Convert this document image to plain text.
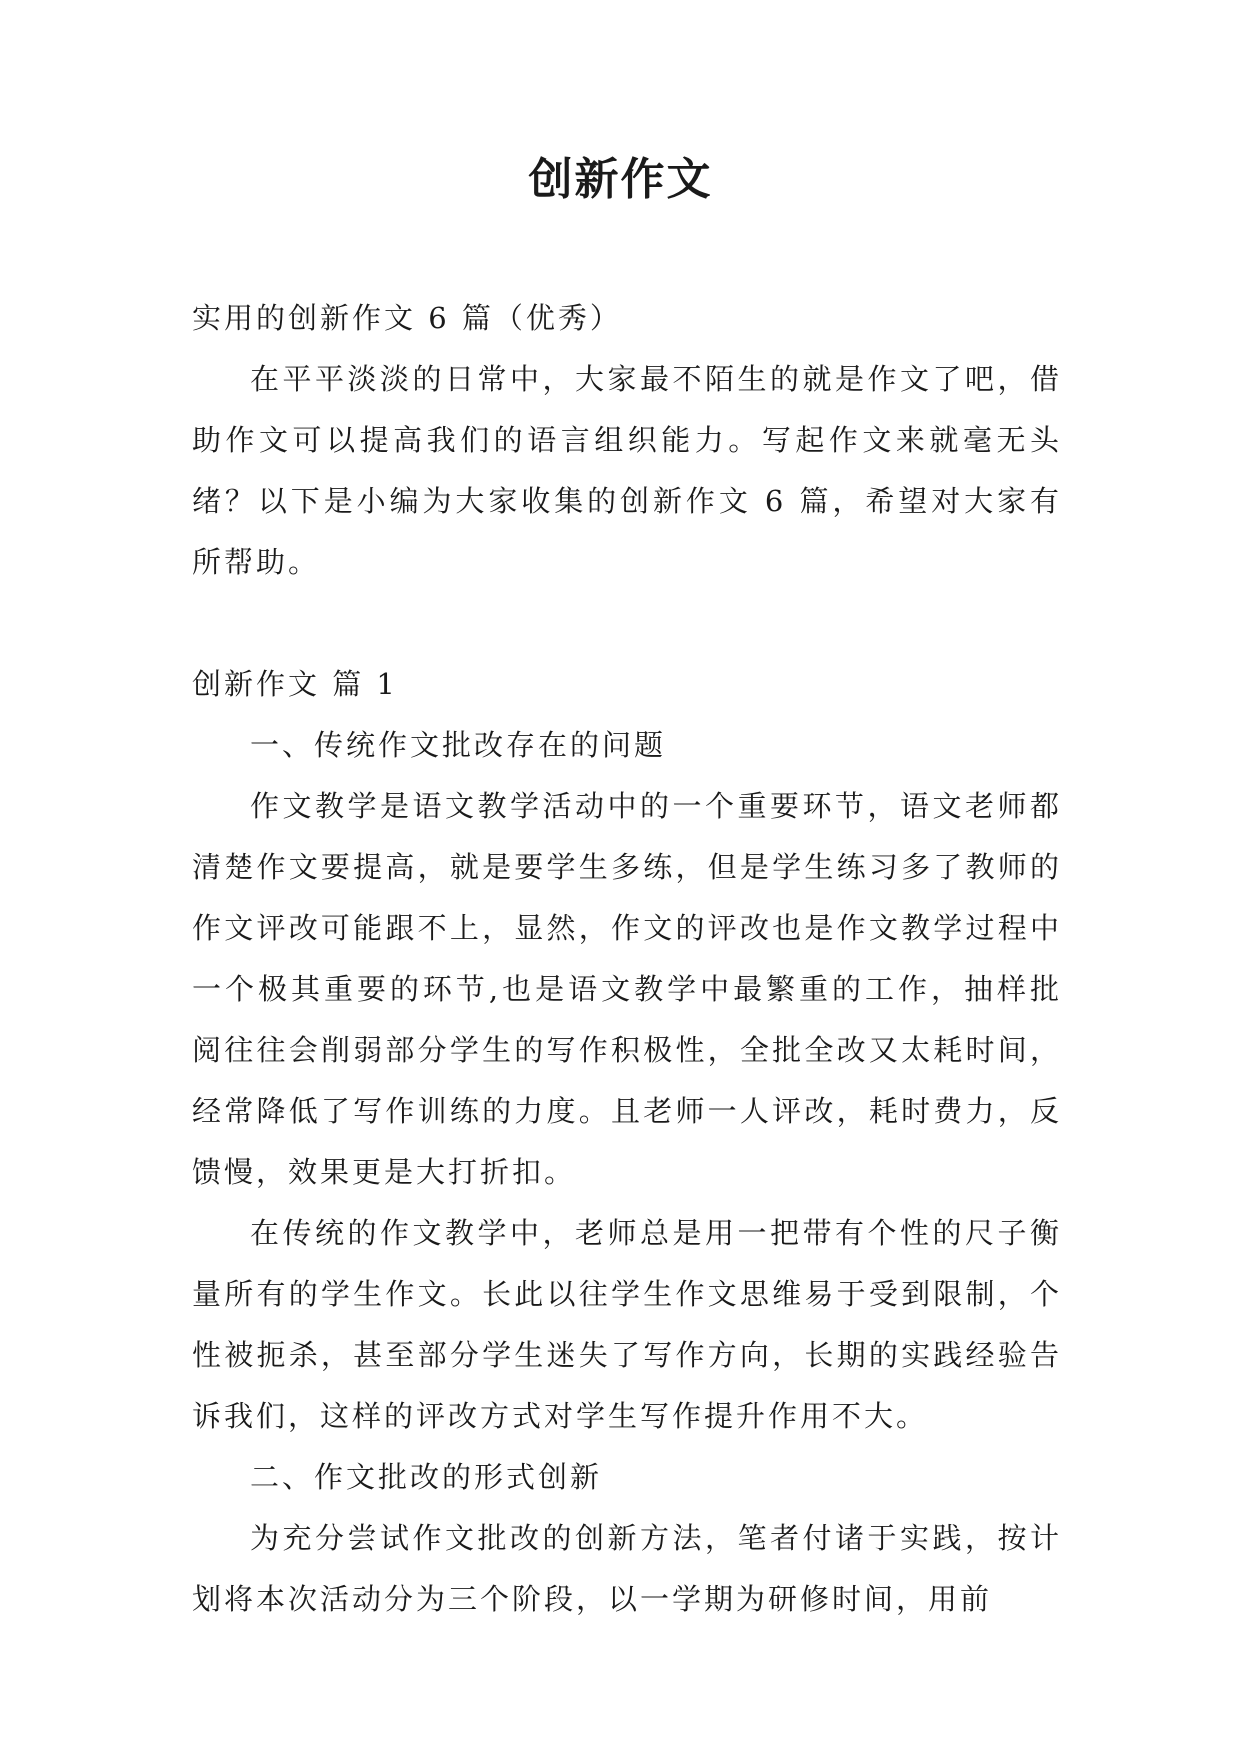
创新作文

实用的创新作文 6 篇（优秀）

在平平淡淡的日常中，大家最不陌生的就是作文了吧，借助作文可以提高我们的语言组织能力。写起作文来就毫无头绪？以下是小编为大家收集的创新作文 6 篇，希望对大家有所帮助。

创新作文 篇 1

一、传统作文批改存在的问题

作文教学是语文教学活动中的一个重要环节，语文老师都清楚作文要提高，就是要学生多练，但是学生练习多了教师的作文评改可能跟不上，显然，作文的评改也是作文教学过程中一个极其重要的环节,也是语文教学中最繁重的工作，抽样批阅往往会削弱部分学生的写作积极性，全批全改又太耗时间，经常降低了写作训练的力度。且老师一人评改，耗时费力，反馈慢，效果更是大打折扣。

在传统的作文教学中，老师总是用一把带有个性的尺子衡量所有的学生作文。长此以往学生作文思维易于受到限制，个性被扼杀，甚至部分学生迷失了写作方向，长期的实践经验告诉我们，这样的评改方式对学生写作提升作用不大。

二、作文批改的形式创新

为充分尝试作文批改的创新方法，笔者付诸于实践，按计划将本次活动分为三个阶段，以一学期为研修时间，用前
